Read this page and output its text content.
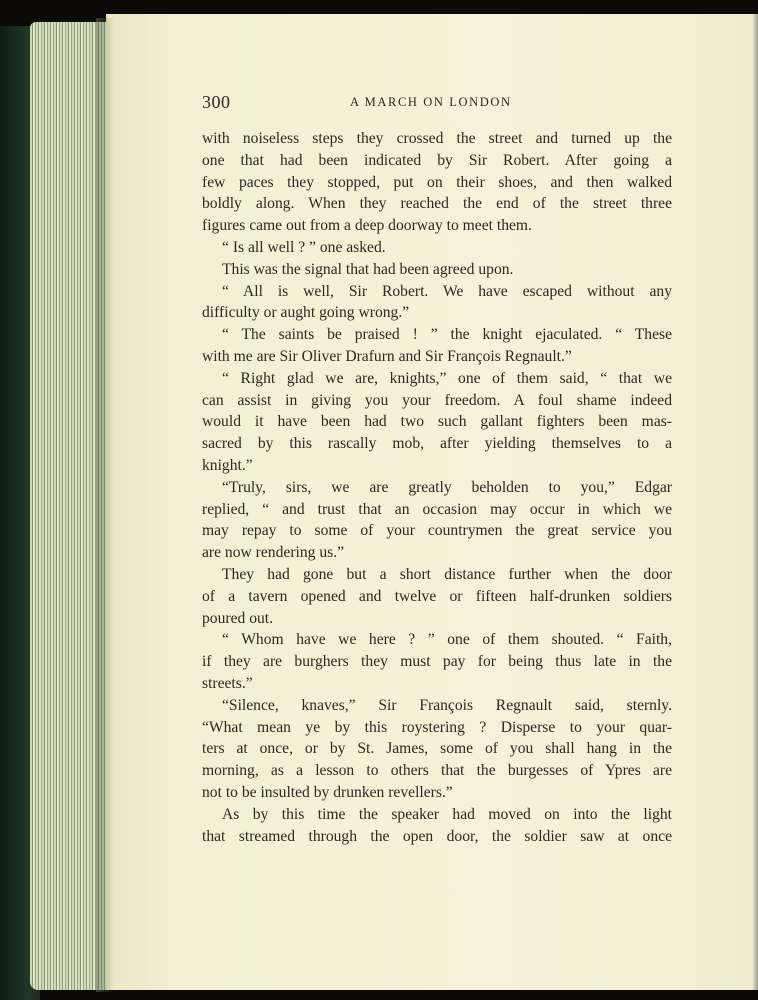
300	A MARCH ON LONDON
with noiseless steps they crossed the street and turned up the
one that had been indicated by Sir Robert. After going a
few paces they stopped, put on their shoes, and then walked
boldly along. When they reached the end of the street three
figures came out from a deep doorway to meet them.
“ Is all well ? ” one asked.
This was the signal that had been agreed upon.
“ All is well, Sir Robert. We have escaped without any
difficulty or aught going wrong.”
“ The saints be praised ! ” the knight ejaculated. “ These
with me are Sir Oliver Drafurn and Sir François Regnault.”
“ Right glad we are, knights,” one of them said, “ that we
can assist in giving you your freedom. A foul shame indeed
would it have been had two such gallant fighters been mas-
sacred by this rascally mob, after yielding themselves to a
knight.”
“Truly, sirs, we are greatly beholden to you,” Edgar
replied, “ and trust that an occasion may occur in which we
may repay to some of your countrymen the great service you
are now rendering us.”
They had gone but a short distance further when the door
of a tavern opened and twelve or fifteen half-drunken soldiers
poured out.
“ Whom have we here ? ” one of them shouted. “ Faith,
if they are burghers they must pay for being thus late in the
streets.”
“Silence, knaves,” Sir François Regnault said, sternly.
“What mean ye by this roystering ? Disperse to your quar-
ters at once, or by St. James, some of you shall hang in the
morning, as a lesson to others that the burgesses of Ypres are
not to be insulted by drunken revellers.”
As by this time the speaker had moved on into the light
that streamed through the open door, the soldier saw at once
